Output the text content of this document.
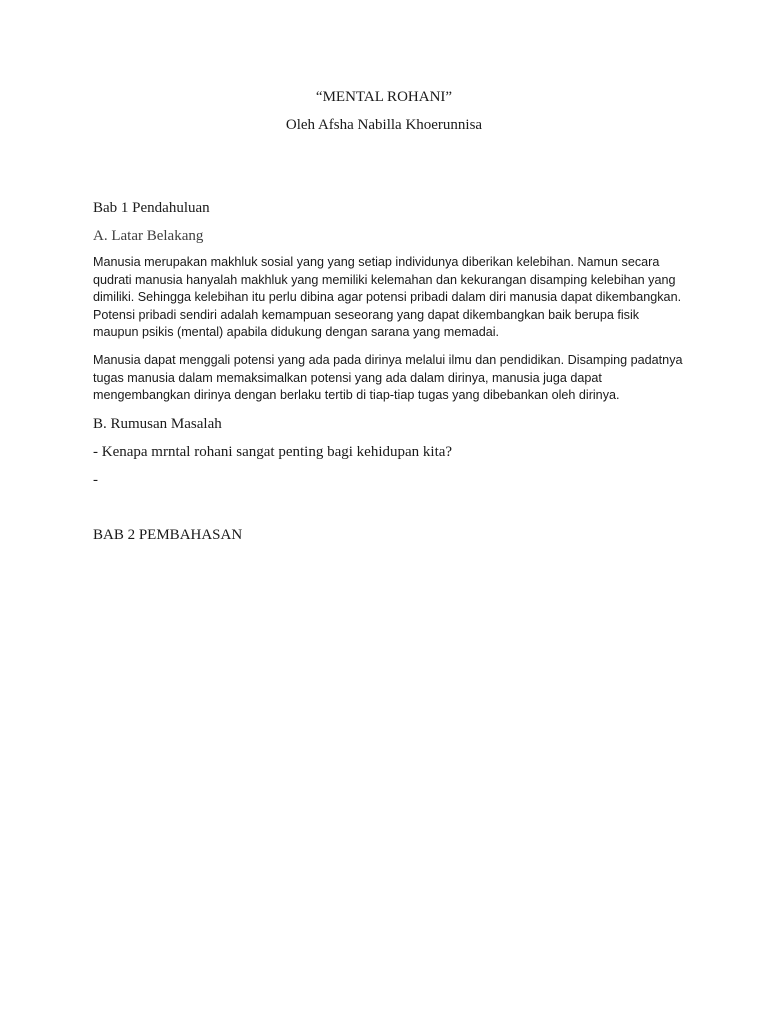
“MENTAL ROHANI”
Oleh Afsha Nabilla Khoerunnisa
Bab 1 Pendahuluan
A. Latar Belakang
Manusia merupakan makhluk sosial yang yang setiap individunya diberikan kelebihan. Namun secara qudrati manusia hanyalah makhluk yang memiliki kelemahan dan kekurangan disamping kelebihan yang dimiliki. Sehingga kelebihan itu perlu dibina agar potensi pribadi dalam diri manusia dapat dikembangkan. Potensi pribadi sendiri adalah kemampuan seseorang yang dapat dikembangkan baik berupa fisik maupun psikis (mental) apabila didukung dengan sarana yang memadai.
Manusia dapat menggali potensi yang ada pada dirinya melalui ilmu dan pendidikan. Disamping padatnya tugas manusia dalam memaksimalkan potensi yang ada dalam dirinya, manusia juga dapat mengembangkan dirinya dengan berlaku tertib di tiap-tiap tugas yang dibebankan oleh dirinya.
B. Rumusan Masalah
- Kenapa mrntal rohani sangat penting bagi kehidupan kita?
-
BAB 2 PEMBAHASAN
